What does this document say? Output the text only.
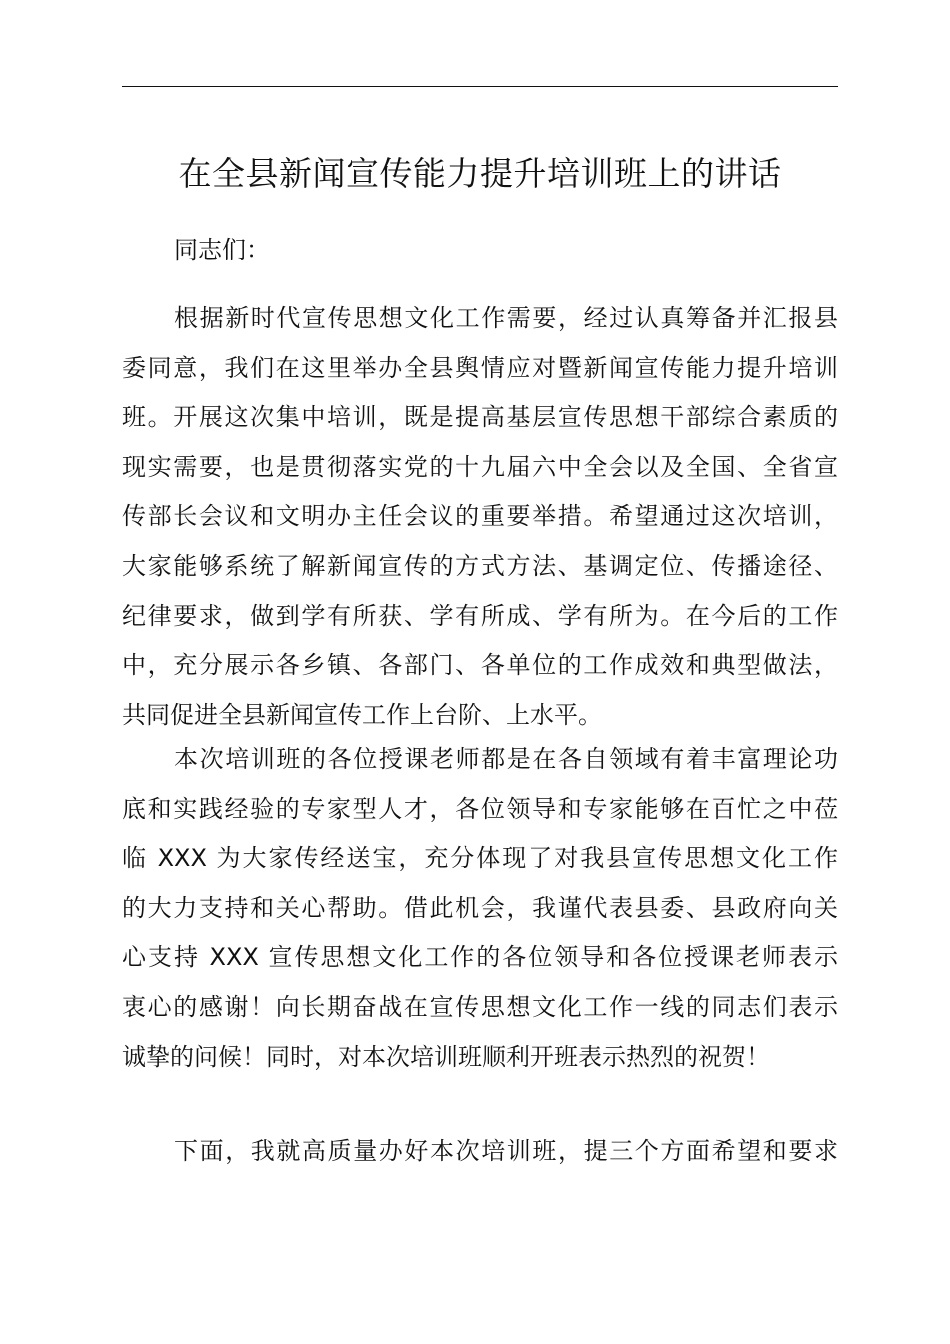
在全县新闻宣传能力提升培训班上的讲话
同志们：
根据新时代宣传思想文化工作需要，经过认真筹备并汇报县
委同意，我们在这里举办全县舆情应对暨新闻宣传能力提升培训
班。开展这次集中培训，既是提高基层宣传思想干部综合素质的
现实需要，也是贯彻落实党的十九届六中全会以及全国、全省宣
传部长会议和文明办主任会议的重要举措。希望通过这次培训，
大家能够系统了解新闻宣传的方式方法、基调定位、传播途径、
纪律要求，做到学有所获、学有所成、学有所为。在今后的工作
中，充分展示各乡镇、各部门、各单位的工作成效和典型做法，
共同促进全县新闻宣传工作上台阶、上水平。
本次培训班的各位授课老师都是在各自领域有着丰富理论功
底和实践经验的专家型人才，各位领导和专家能够在百忙之中莅
临 XXX 为大家传经送宝，充分体现了对我县宣传思想文化工作
的大力支持和关心帮助。借此机会，我谨代表县委、县政府向关
心支持 XXX 宣传思想文化工作的各位领导和各位授课老师表示
衷心的感谢！向长期奋战在宣传思想文化工作一线的同志们表示
诚挚的问候！同时，对本次培训班顺利开班表示热烈的祝贺！
下面，我就高质量办好本次培训班，提三个方面希望和要求
